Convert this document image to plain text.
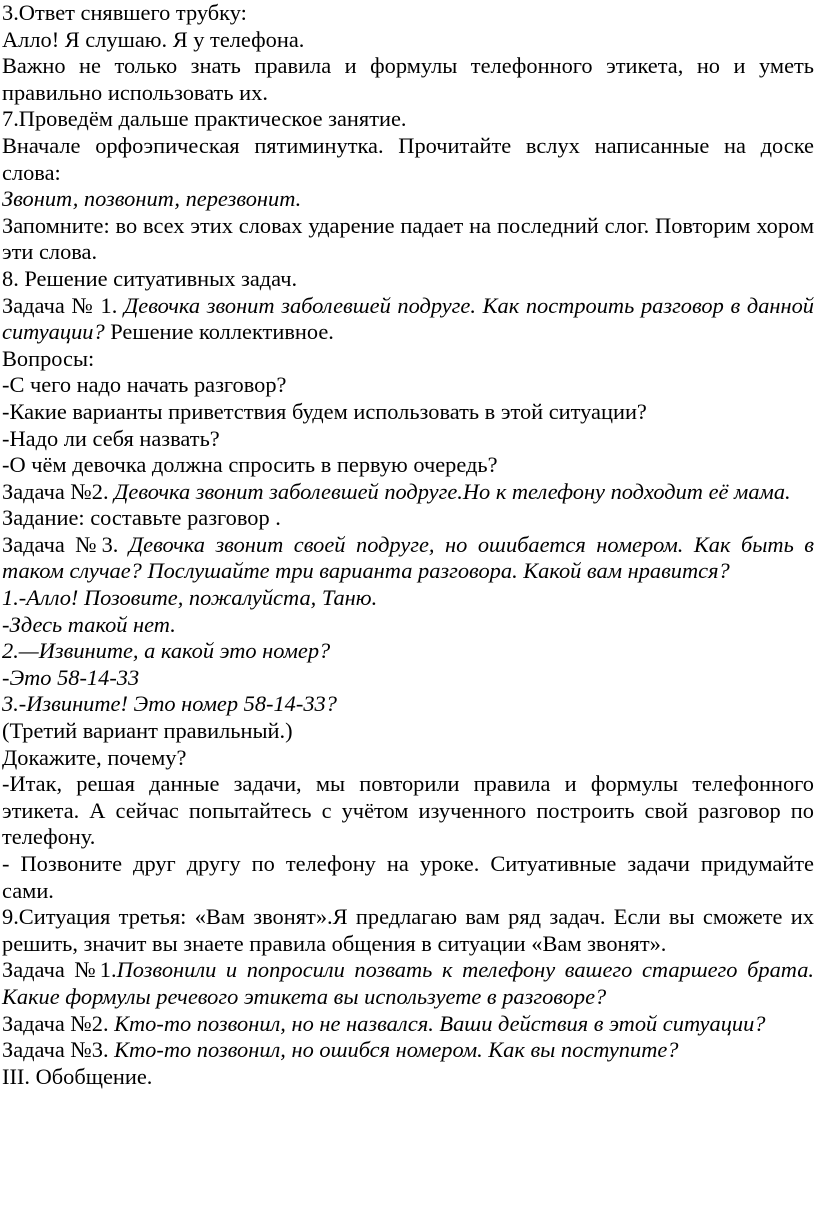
3.Ответ снявшего трубку:
Алло! Я слушаю. Я у телефона.
Важно не только знать правила и формулы телефонного этикета, но и уметь правильно использовать их.
7.Проведём дальше практическое занятие.
Вначале орфоэпическая пятиминутка. Прочитайте вслух написанные на доске слова:
Звонит, позвонит, перезвонит.
Запомните: во всех этих словах ударение падает на последний слог. Повторим хором эти слова.
8. Решение ситуативных задач.
Задача № 1. Девочка звонит заболевшей подруге. Как построить разговор в данной ситуации? Решение коллективное.
Вопросы:
-С чего надо начать разговор?
-Какие варианты приветствия будем использовать в этой ситуации?
-Надо ли себя назвать?
-О чём девочка должна спросить в первую очередь?
Задача №2. Девочка звонит заболевшей подруге.Но к телефону подходит её мама.
Задание: составьте разговор .
Задача №3. Девочка звонит своей подруге, но ошибается номером. Как быть в таком случае? Послушайте три варианта разговора. Какой вам нравится?
1.-Алло! Позовите, пожалуйста, Таню.
-Здесь такой нет.
2.—Извините, а какой это номер?
-Это 58-14-33
3.-Извините! Это номер 58-14-33?
(Третий вариант правильный.)
Докажите, почему?
-Итак, решая данные задачи, мы повторили правила и формулы телефонного этикета. А сейчас попытайтесь с учётом изученного построить свой разговор по телефону.
- Позвоните друг другу по телефону на уроке. Ситуативные задачи придумайте сами.
9.Ситуация третья: «Вам звонят».Я предлагаю вам ряд задач. Если вы сможете их решить, значит вы знаете правила общения в ситуации «Вам звонят».
Задача №1.Позвонили и попросили позвать к телефону вашего старшего брата. Какие формулы речевого этикета вы используете в разговоре?
Задача №2. Кто-то позвонил, но не назвался. Ваши действия в этой ситуации?
Задача №3. Кто-то позвонил, но ошибся номером. Как вы поступите?
III. Обобщение.
